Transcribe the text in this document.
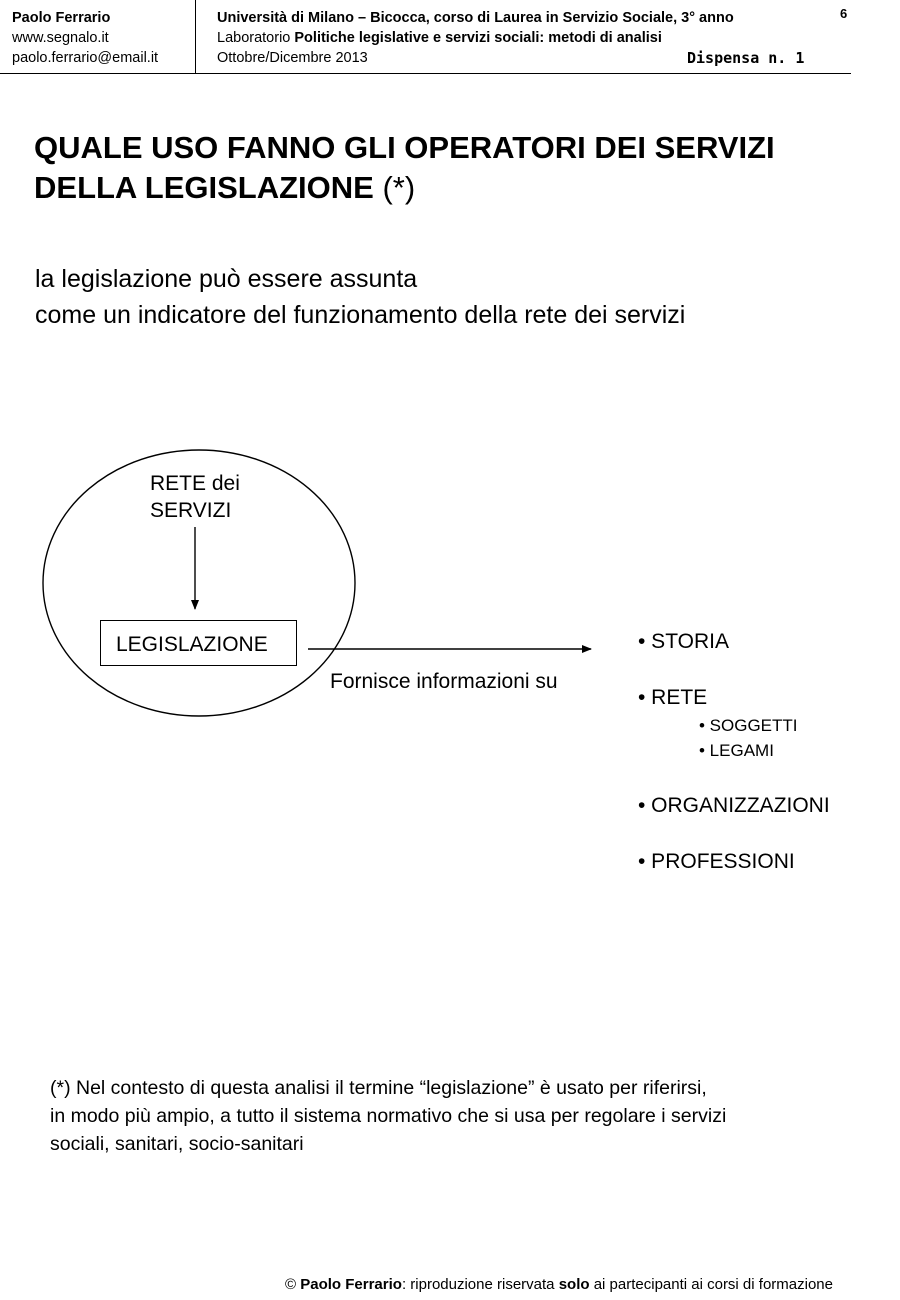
Paolo Ferrario
www.segnalo.it
paolo.ferrario@email.it
Università di Milano – Bicocca, corso di Laurea in Servizio Sociale, 3° anno
Laboratorio Politiche legislative e servizi sociali: metodi di analisi
Ottobre/Dicembre 2013
6
Dispensa n. 1
QUALE USO FANNO GLI OPERATORI DEI SERVIZI
DELLA LEGISLAZIONE (*)
la legislazione può essere assunta
come un indicatore del funzionamento della rete dei servizi
RETE dei
SERVIZI
LEGISLAZIONE
Fornisce informazioni su
• STORIA
• RETE
• SOGGETTI
• LEGAMI
• ORGANIZZAZIONI
• PROFESSIONI
(*) Nel contesto di questa analisi il termine “legislazione” è usato per riferirsi,
in modo più ampio, a tutto il sistema normativo che si usa per regolare i servizi
sociali, sanitari, socio-sanitari
© Paolo Ferrario: riproduzione riservata solo ai partecipanti ai corsi di formazione
